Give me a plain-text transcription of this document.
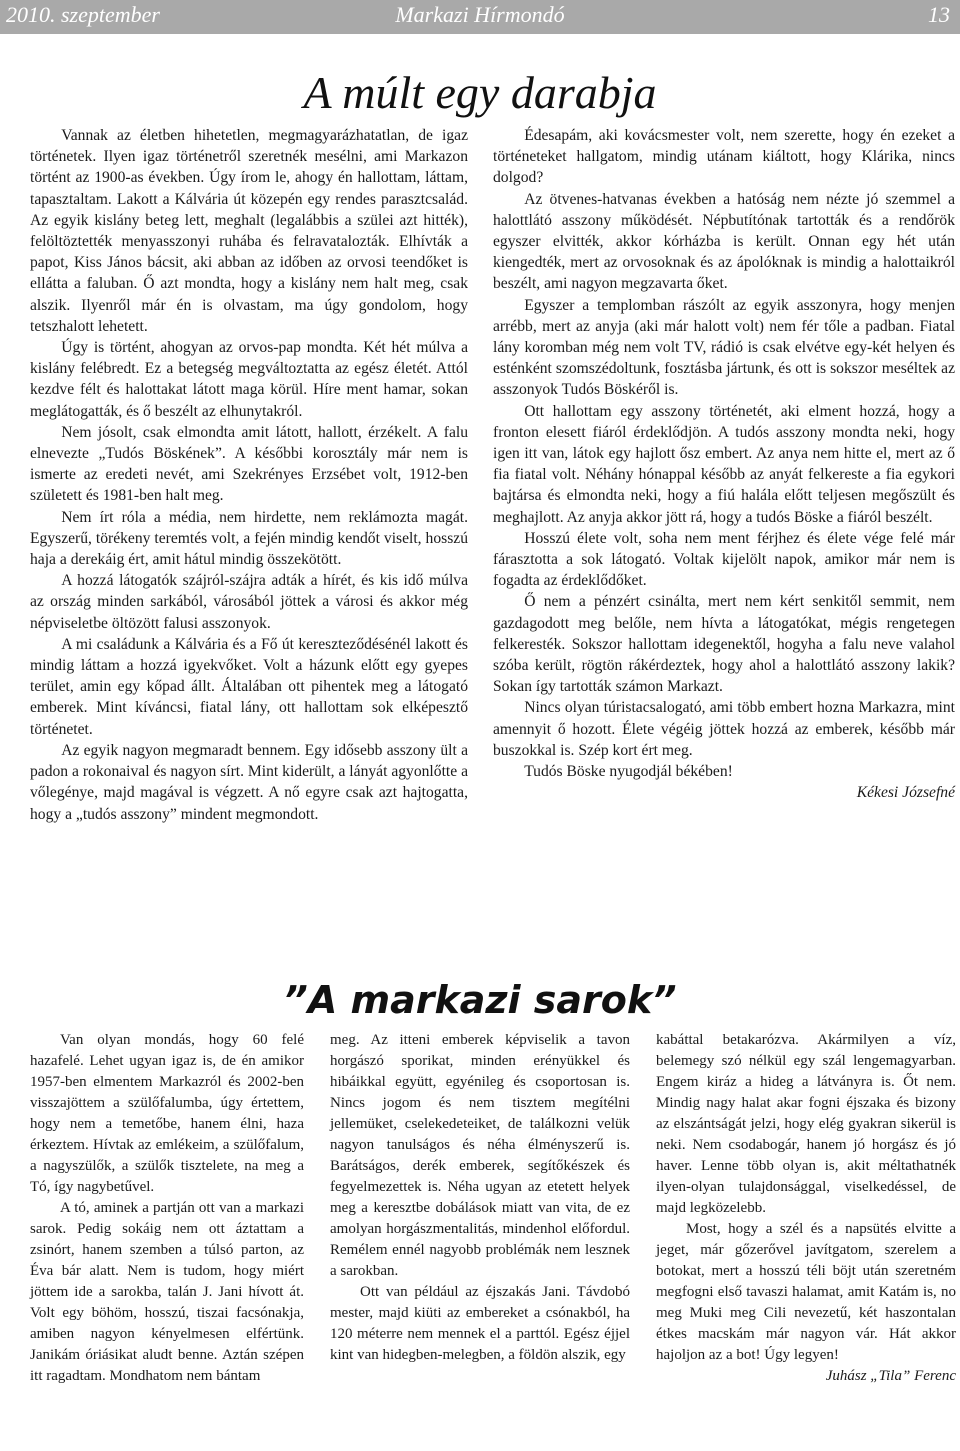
Markazi Hírmondó
2010. szeptember	13
A múlt egy darabja

Vannak az életben hihetetlen, megmagyarázhatatlan, de igaz történetek. Ilyen igaz történetről szeretnék mesélni, ami Markazon történt az 1900-as években. Úgy írom le, ahogy én hallottam, láttam, tapasztaltam. Lakott a Kálvária út közepén egy rendes parasztcsalád. Az egyik kislány beteg lett, meghalt (legalábbis a szülei azt hitték), felöltöztették menyasszonyi ruhába és felravatalozták. Elhívták a papot, Kiss János bácsit, aki abban az időben az orvosi teendőket is ellátta a faluban. Ő azt mondta, hogy a kislány nem halt meg, csak alszik. Ilyenről már én is olvastam, ma úgy gondolom, hogy tetszhalott lehetett.

Úgy is történt, ahogyan az orvos-pap mondta. Két hét múlva a kislány felébredt. Ez a betegség megváltoztatta az egész életét. Attól kezdve félt és halottakat látott maga körül. Híre ment hamar, sokan meglátogatták, és ő beszélt az elhunytakról.

Nem jósolt, csak elmondta amit látott, hallott, érzékelt. A falu elnevezte „Tudós Böskének”. A későbbi korosztály már nem is ismerte az eredeti nevét, ami Szekrényes Erzsébet volt, 1912-ben született és 1981-ben halt meg.

Nem írt róla a média, nem hirdette, nem reklámozta magát. Egyszerű, törékeny teremtés volt, a fején mindig kendőt viselt, hosszú haja a derekáig ért, amit hátul mindig összekötött.

A hozzá látogatók szájról-szájra adták a hírét, és kis idő múlva az ország minden sarkából, városából jöttek a városi és akkor még népviseletbe öltözött falusi asszonyok.

A mi családunk a Kálvária és a Fő út kereszteződésénél lakott és mindig láttam a hozzá igyekvőket. Volt a házunk előtt egy gyepes terület, amin egy kőpad állt. Általában ott pihentek meg a látogató emberek. Mint kíváncsi, fiatal lány, ott hallottam sok elképesztő történetet.

Az egyik nagyon megmaradt bennem. Egy idősebb asszony ült a padon a rokonaival és nagyon sírt. Mint kiderült, a lányát agyonlőtte a vőlegénye, majd magával is végzett. A nő egyre csak azt hajtogatta, hogy a „tudós asszony” mindent megmondott.

Édesapám, aki kovácsmester volt, nem szerette, hogy én ezeket a történeteket hallgatom, mindig utánam kiáltott, hogy Klárika, nincs dolgod?

Az ötvenes-hatvanas években a hatóság nem nézte jó szemmel a halottlátó asszony működését. Népbutítónak tartották és a rendőrök egyszer elvitték, akkor kórházba is került. Onnan egy hét után kiengedték, mert az orvosoknak és az ápolóknak is mindig a halottaikról beszélt, ami nagyon megzavarta őket.

Egyszer a templomban rászólt az egyik asszonyra, hogy menjen arrébb, mert az anyja (aki már halott volt) nem fér tőle a padban. Fiatal lány koromban még nem volt TV, rádió is csak elvétve egy-két helyen és esténként szomszédoltunk, fosztásba jártunk, és ott is sokszor meséltek az asszonyok Tudós Böskéről is.

Ott hallottam egy asszony történetét, aki elment hozzá, hogy a fronton elesett fiáról érdeklődjön. A tudós asszony mondta neki, hogy igen itt van, látok egy hajlott ősz embert. Az anya nem hitte el, mert az ő fia fiatal volt. Néhány hónappal később az anyát felkereste a fia egykori bajtársa és elmondta neki, hogy a fiú halála előtt teljesen megőszült és meghajlott. Az anyja akkor jött rá, hogy a tudós Böske a fiáról beszélt.

Hosszú élete volt, soha nem ment férjhez és élete vége felé már fárasztotta a sok látogató. Voltak kijelölt napok, amikor már nem is fogadta az érdeklődőket.

Ő nem a pénzért csinálta, mert nem kért senkitől semmit, nem gazdagodott meg belőle, nem hívta a látogatókat, mégis rengetegen felkeresték. Sokszor hallottam idegenektől, hogyha a falu neve valahol szóba került, rögtön rákérdeztek, hogy ahol a halottlátó asszony lakik? Sokan így tartották számon Markazt.

Nincs olyan túristacsalogató, ami több embert hozna Markazra, mint amennyit ő hozott. Élete végéig jöttek hozzá az emberek, később már buszokkal is. Szép kort ért meg.

Tudós Böske nyugodjál békében!

Kékesi Józsefné

”A markazi sarok”

Van olyan mondás, hogy 60 felé hazafelé. Lehet ugyan igaz is, de én amikor 1957-ben elmentem Markazról és 2002-ben visszajöttem a szülőfalumba, úgy értettem, hogy nem a temetőbe, hanem élni, haza érkeztem. Hívtak az emlékeim, a szülőfalum, a nagyszülők, a szülők tisztelete, na meg a Tó, így nagybetűvel.

A tó, aminek a partján ott van a markazi sarok. Pedig sokáig nem ott áztattam a zsinórt, hanem szemben a túlsó parton, az Éva bár alatt. Nem is tudom, hogy miért jöttem ide a sarokba, talán J. Jani hívott át. Volt egy böhöm, hosszú, tiszai facsónakja, amiben nagyon kényelmesen elfértünk. Janikám óriásikat aludt benne. Aztán szépen itt ragadtam. Mondhatom nem bántam

meg. Az itteni emberek képviselik a tavon horgászó sporikat, minden erényükkel és hibáikkal együtt, egyénileg és csoportosan is. Nincs jogom és nem tisztem megítélni jellemüket, cselekedeteiket, de találkozni velük nagyon tanulságos és néha élményszerű is. Barátságos, derék emberek, segítőkészek és fegyelmezettek is. Néha ugyan az etetett helyek meg a keresztbe dobálások miatt van vita, de ez amolyan horgászmentalitás, mindenhol előfordul. Remélem ennél nagyobb problémák nem lesznek a sarokban.

Ott van például az éjszakás Jani. Távdobó mester, majd kiüti az embereket a csónakból, ha 120 méterre nem mennek el a parttól. Egész éjjel kint van hidegben-melegben, a földön alszik, egy

kabáttal betakarózva. Akármilyen a víz, belemegy szó nélkül egy szál lengemagyarban. Engem kiráz a hideg a látványra is. Őt nem. Mindig nagy halat akar fogni éjszaka és bizony az elszántságát jelzi, hogy elég gyakran sikerül is neki. Nem csodabogár, hanem jó horgász és jó haver. Lenne több olyan is, akit méltathatnék ilyen-olyan tulajdonsággal, viselkedéssel, de majd legközelebb.

Most, hogy a szél és a napsütés elvitte a jeget, már gőzerővel javítgatom, szerelem a botokat, mert a hosszú téli böjt után szeretném megfogni első tavaszi halamat, amit Katám is, no meg Muki meg Cili nevezetű, két haszontalan étkes macskám már nagyon vár. Hát akkor hajoljon az a bot! Úgy legyen!

Juhász „Tila” Ferenc
